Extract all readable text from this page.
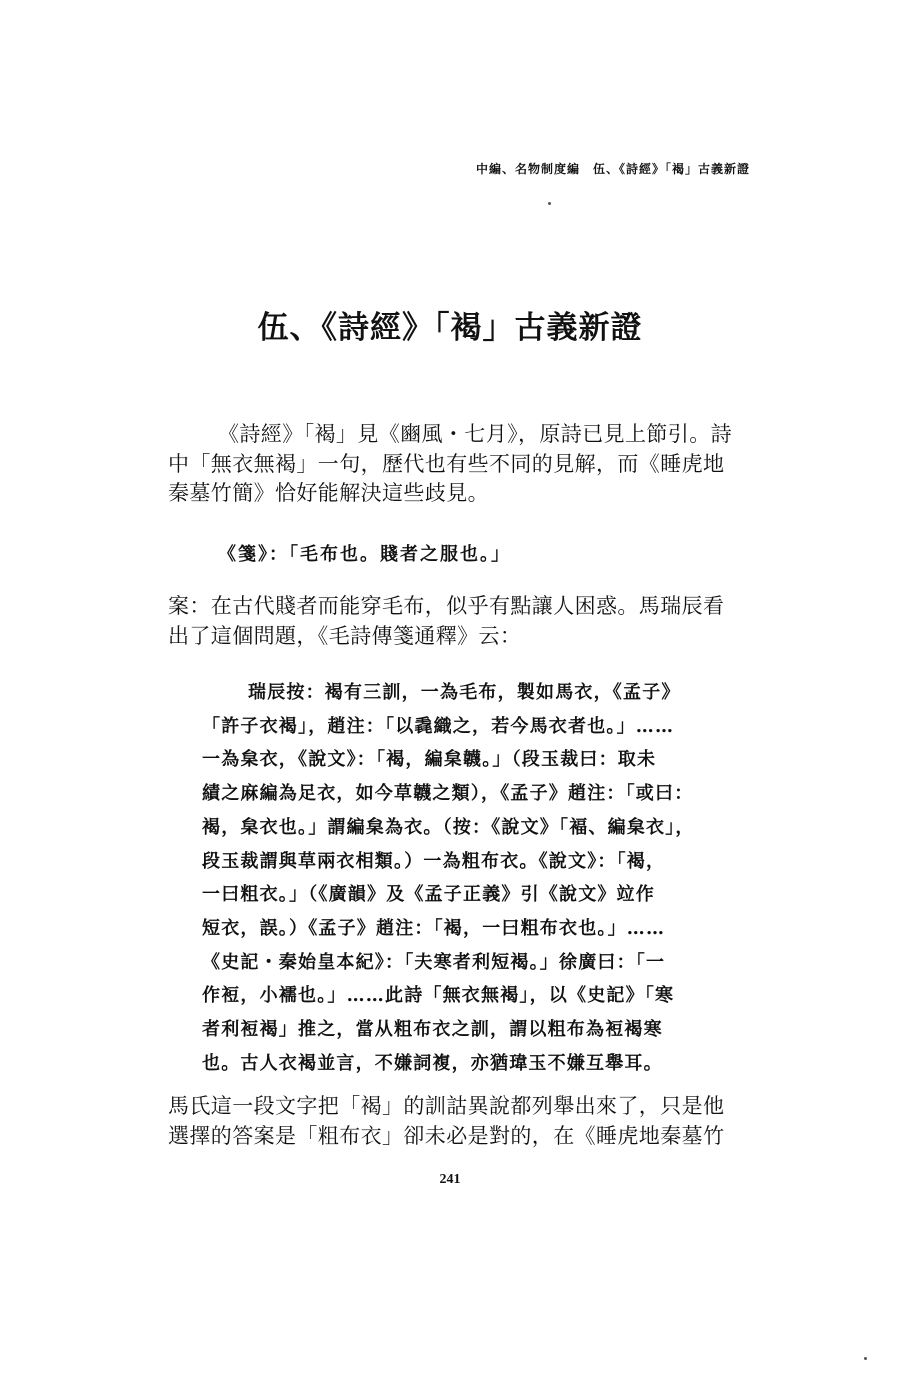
中編、名物制度編　伍、《詩經》「褐」古義新證
伍、《詩經》「褐」古義新證
《詩經》「褐」見《豳風・七月》，原詩已見上節引。詩
中「無衣無褐」一句，歷代也有些不同的見解，而《睡虎地
秦墓竹簡》恰好能解決這些歧見。
《箋》：「毛布也。賤者之服也。」
案：在古代賤者而能穿毛布，似乎有點讓人困惑。馬瑞辰看
出了這個問題，《毛詩傳箋通釋》云：
瑞辰按：褐有三訓，一為毛布，製如馬衣，《孟子》
「許子衣褐」，趙注：「以毳織之，若今馬衣者也。」……
一為枲衣，《說文》：「褐，編枲韤。」（段玉裁曰：取未
績之麻編為足衣，如今草韤之類），《孟子》趙注：「或曰：
褐，枲衣也。」謂編枲為衣。（按：《說文》「褔、編枲衣」，
段玉裁謂與草兩衣相類。）一為粗布衣。《說文》：「褐，
一曰粗衣。」（《廣韻》及《孟子正義》引《說文》竝作
短衣，誤。）《孟子》趙注：「褐，一曰粗布衣也。」……
《史記・秦始皇本紀》：「夫寒者利短褐。」徐廣曰：「一
作裋，小襦也。」……此詩「無衣無褐」，以《史記》「寒
者利裋褐」推之，當从粗布衣之訓，謂以粗布為裋褐寒
也。古人衣褐並言，不嫌詞複，亦猶瑋玉不嫌互舉耳。
馬氏這一段文字把「褐」的訓詁異說都列舉出來了，只是他
選擇的答案是「粗布衣」卻未必是對的，在《睡虎地秦墓竹
241
